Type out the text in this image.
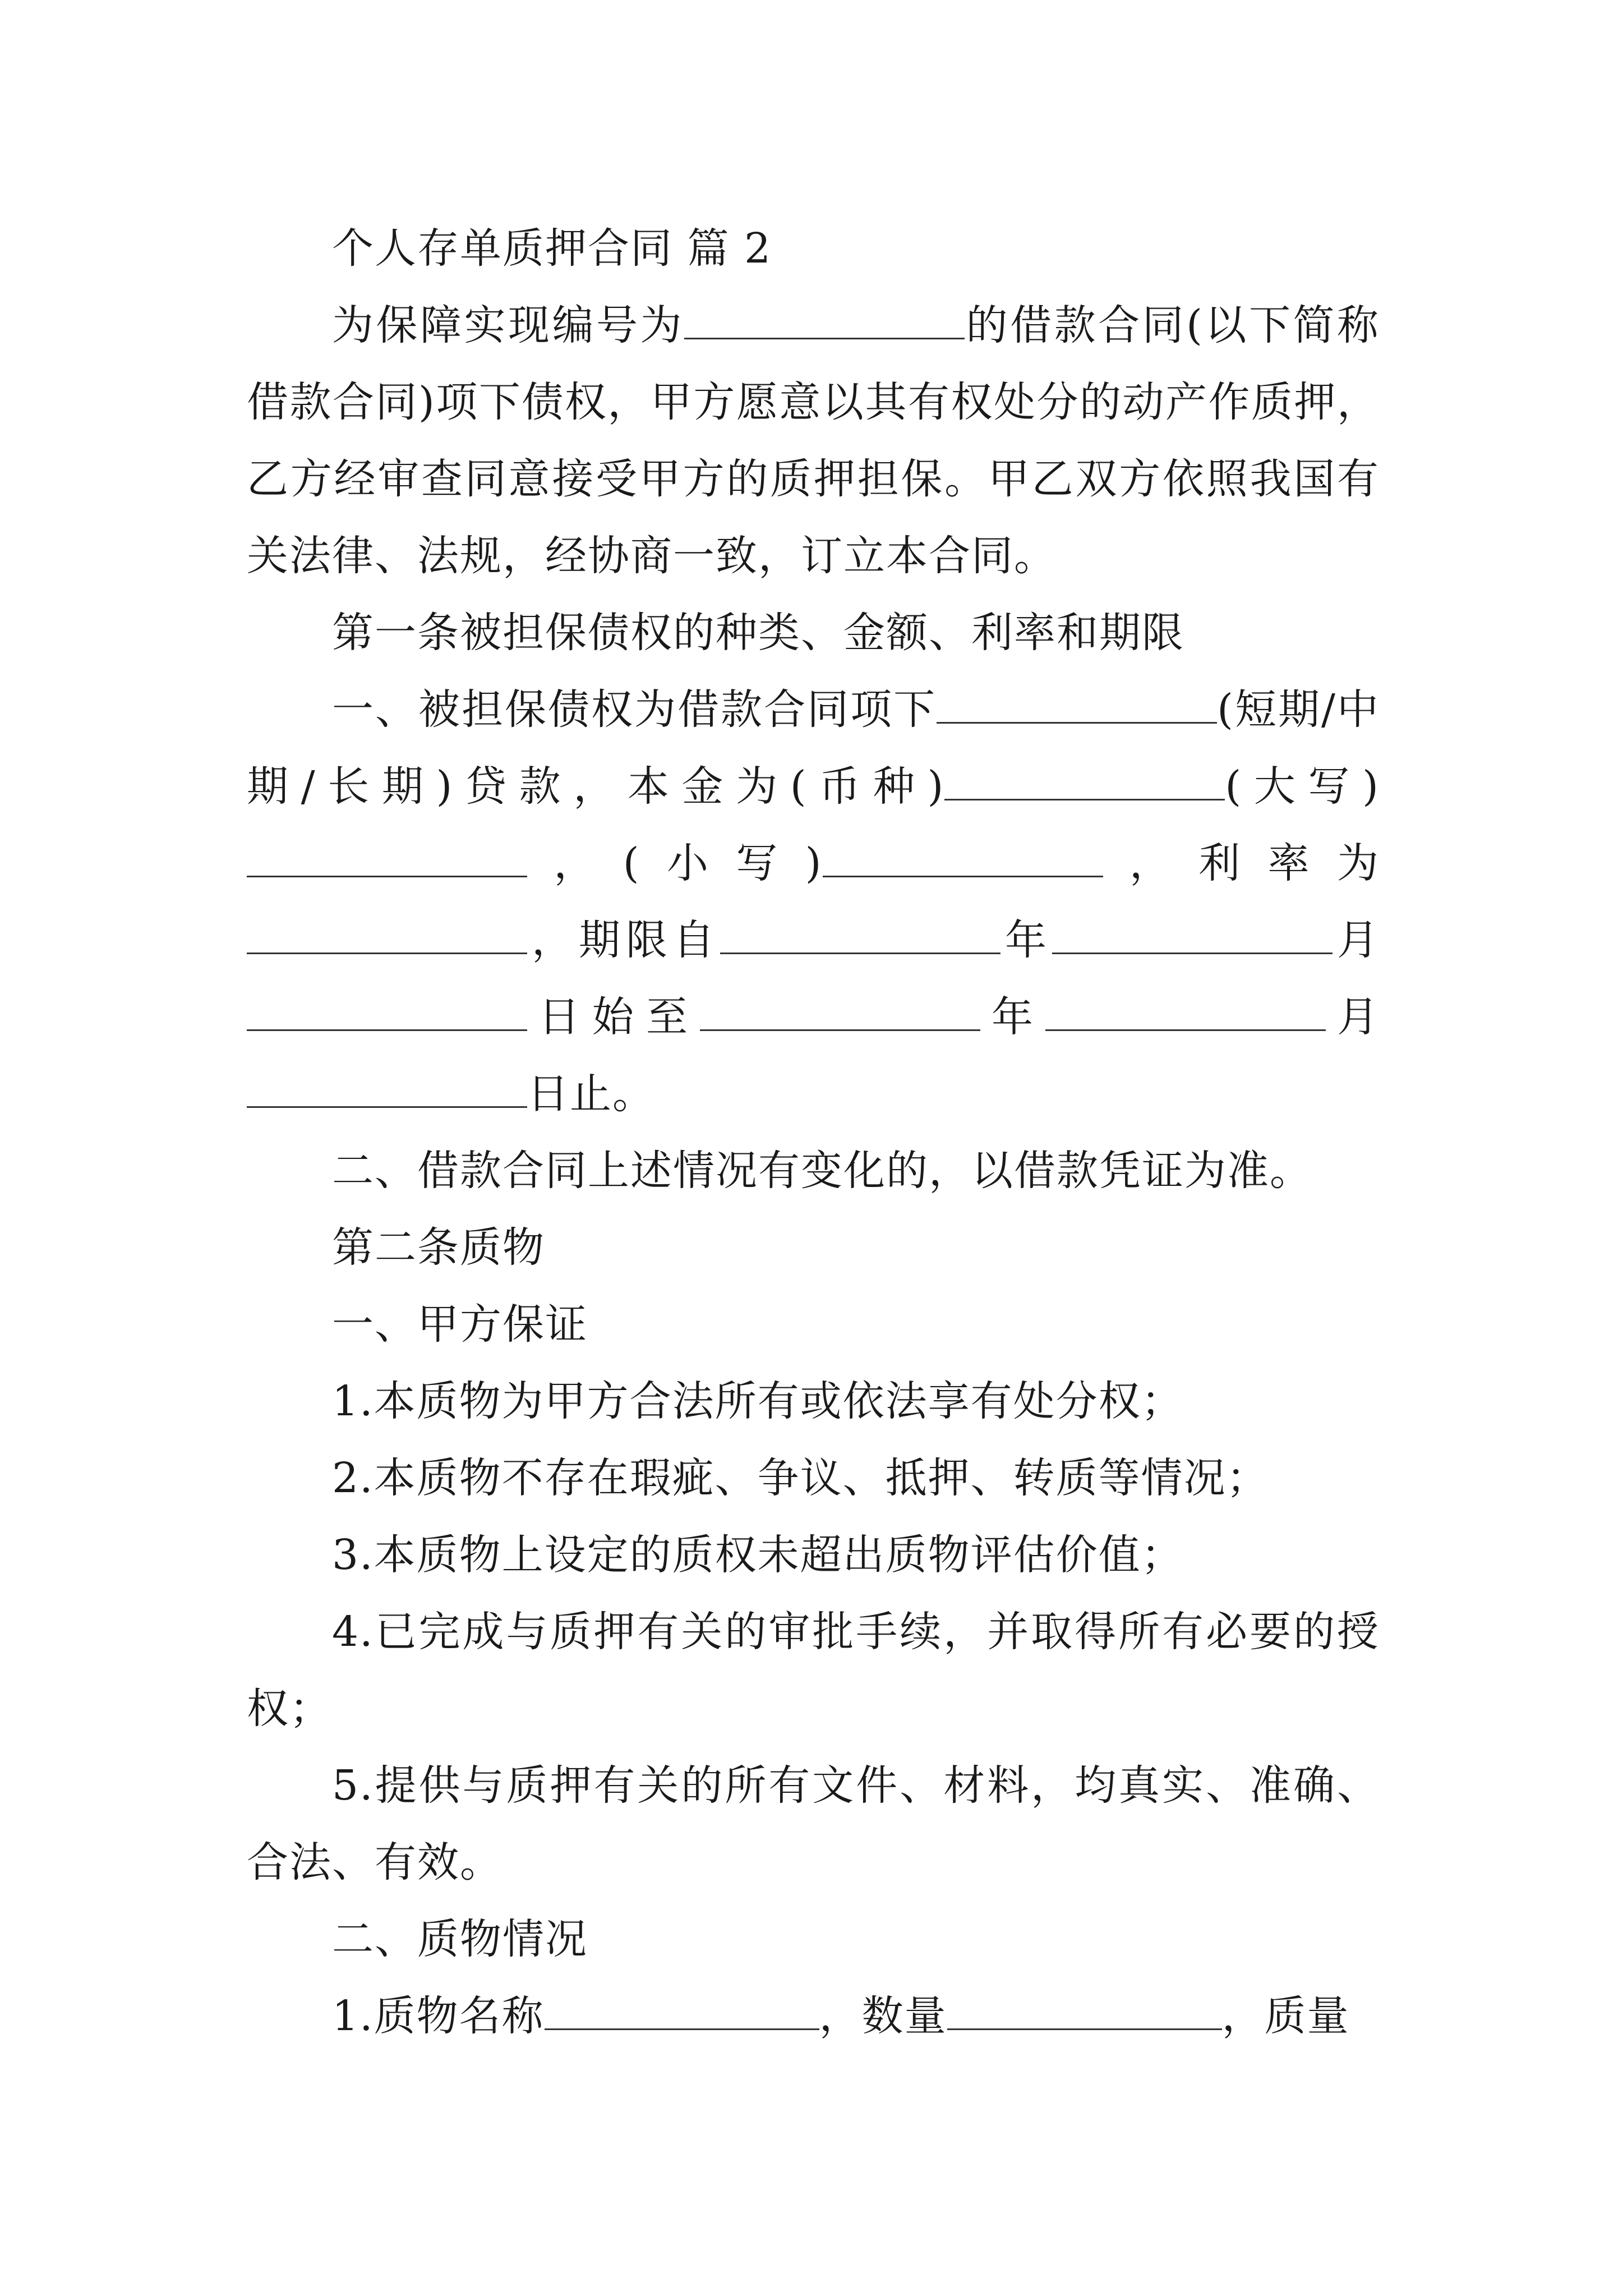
个人存单质押合同 篇 2

为保障实现编号为	的借款合同(以下简称借款合同)项下债权，甲方愿意以其有权处分的动产作质押，乙方经审查同意接受甲方的质押担保。甲乙双方依照我国有关法律、法规，经协商一致，订立本合同。

第一条被担保债权的种类、金额、利率和期限

一、被担保债权为借款合同项下	(短期/中期/长期)贷款，本金为(币种)	(大写)，(小写)	，利率为，期限自	年	月日始至	年	月日止。

二、借款合同上述情况有变化的，以借款凭证为准。

第二条质物

一、甲方保证

1.本质物为甲方合法所有或依法享有处分权；

2.本质物不存在瑕疵、争议、抵押、转质等情况；

3.本质物上设定的质权未超出质物评估价值；

4.已完成与质押有关的审批手续，并取得所有必要的授权；

5.提供与质押有关的所有文件、材料，均真实、准确、合法、有效。

二、质物情况

1.质物名称	，数量	，质量
